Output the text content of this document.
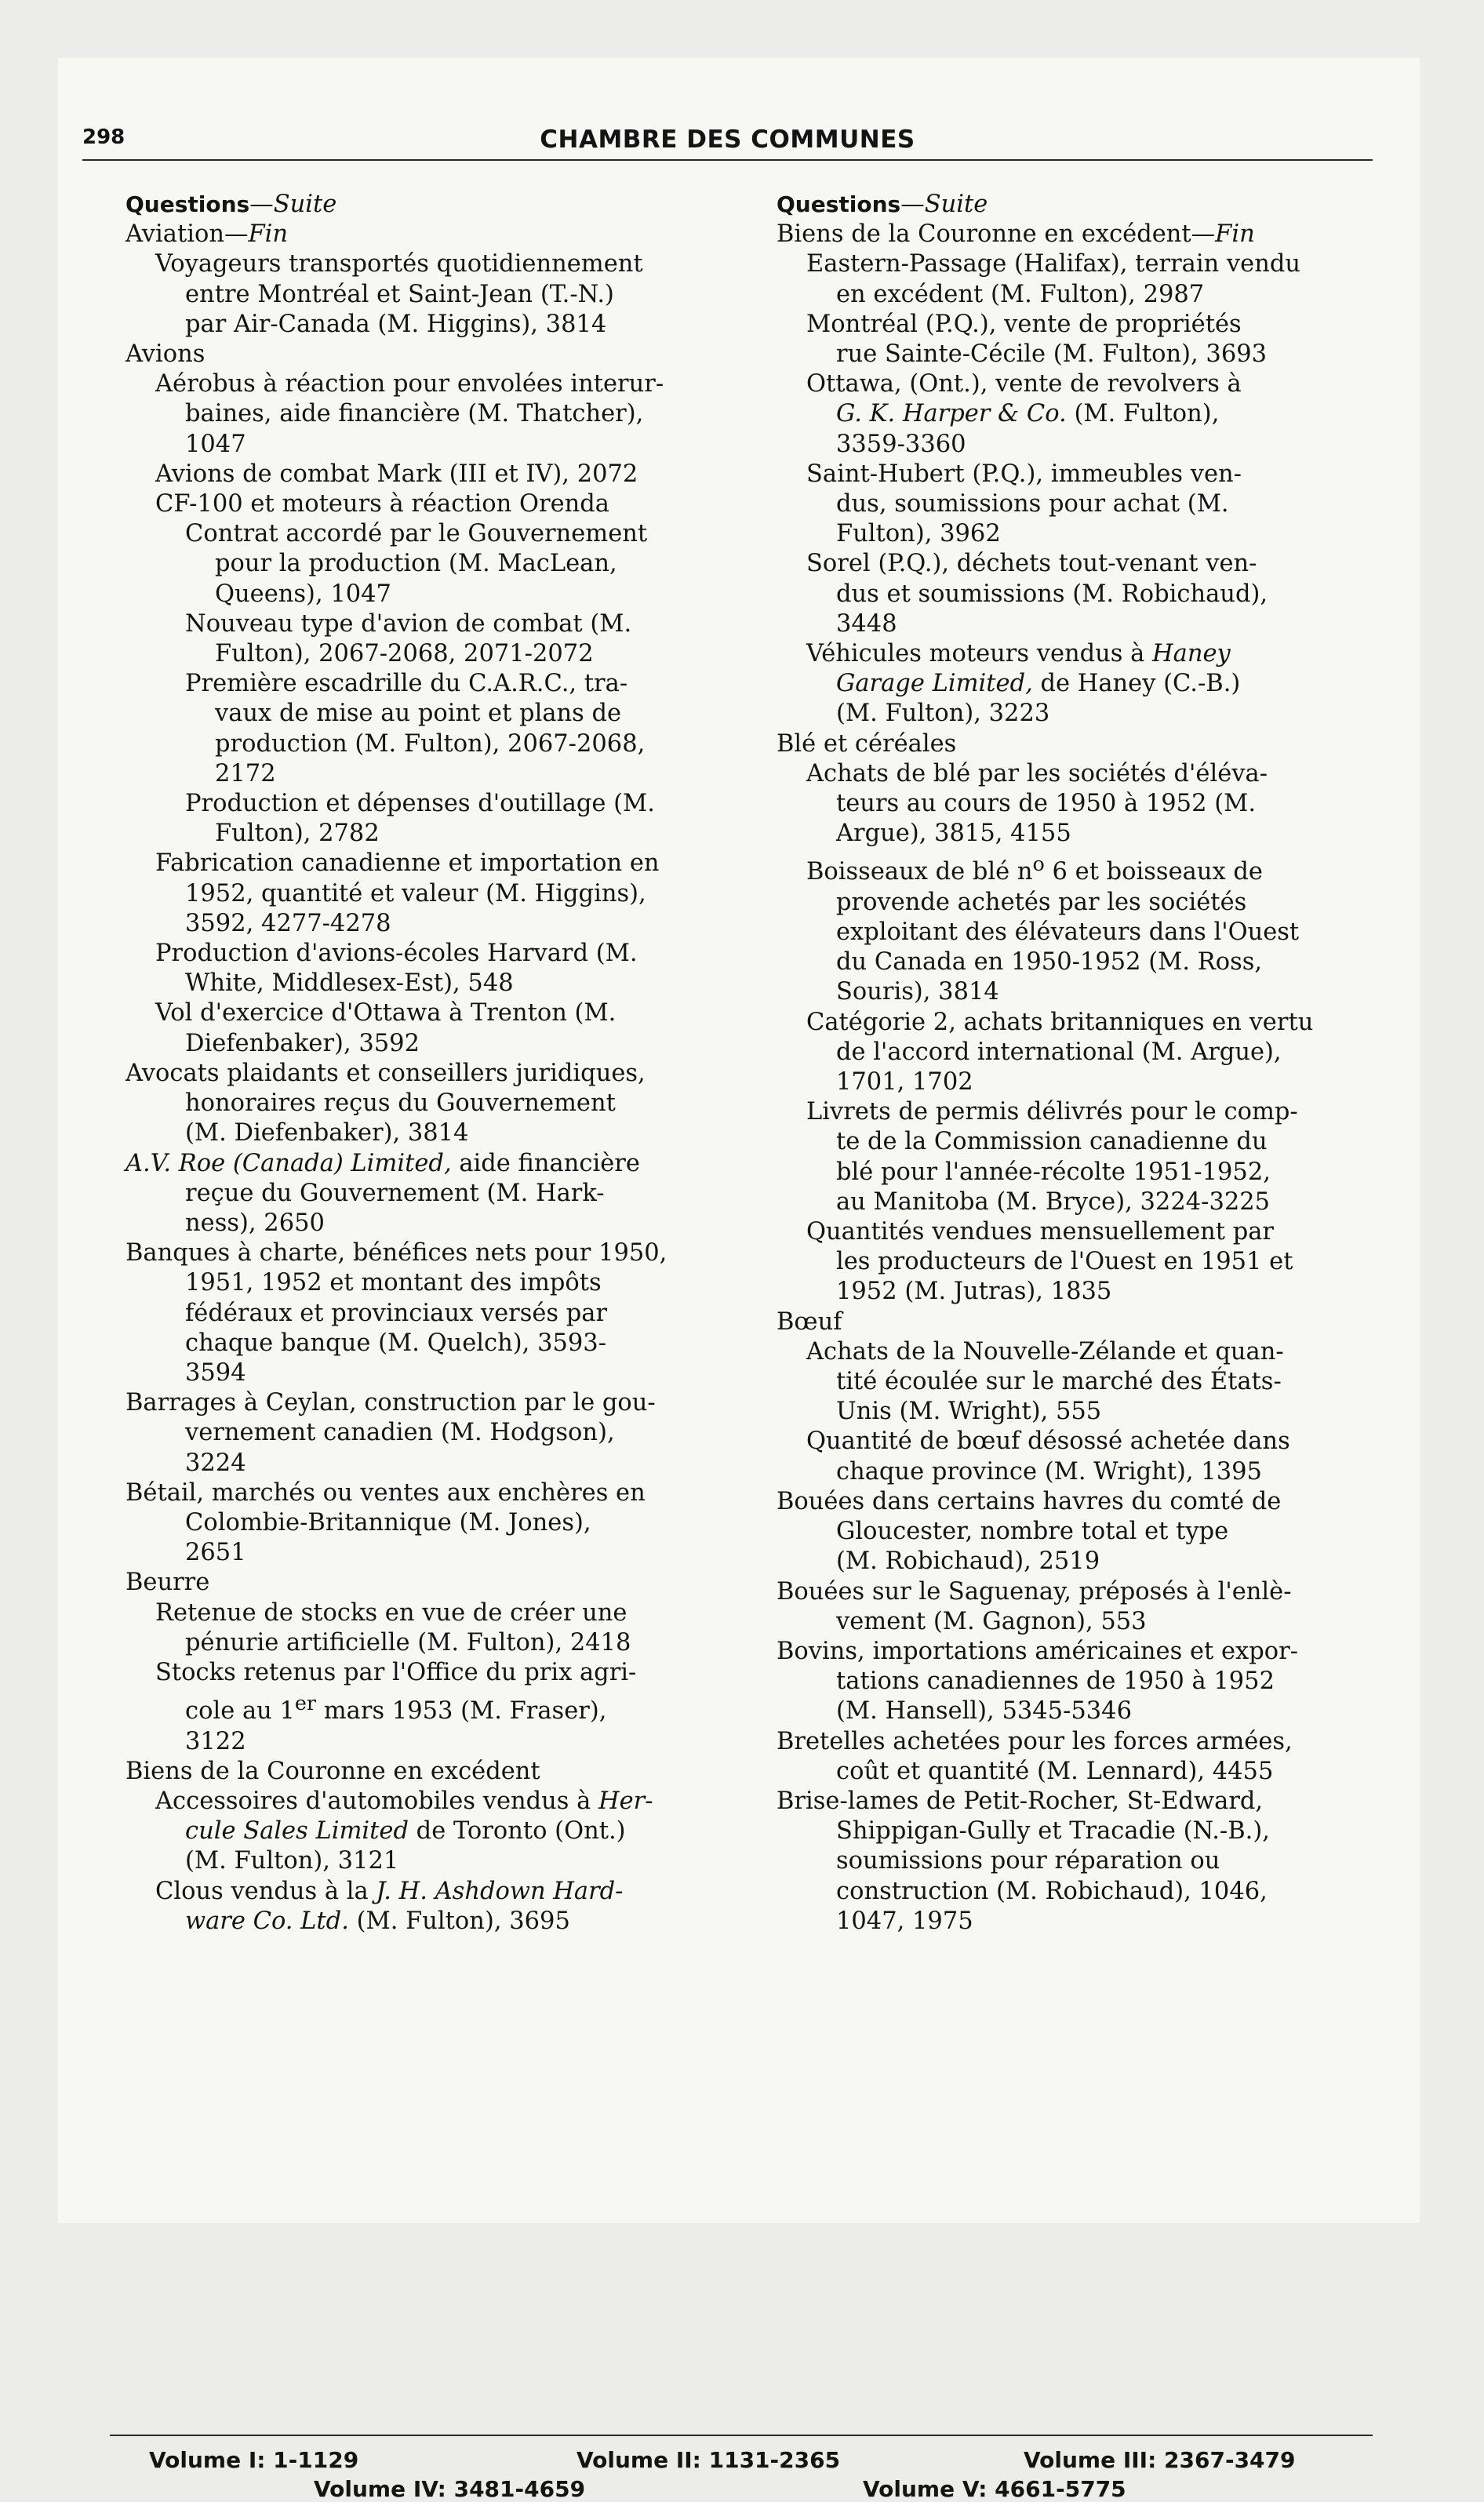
298	CHAMBRE DES COMMUNES
Questions—Suite
Aviation—Fin
Voyageurs transportés quotidiennement
entre Montréal et Saint-Jean (T.-N.)
par Air-Canada (M. Higgins), 3814
Avions
Aérobus à réaction pour envolées interur-
baines, aide financière (M. Thatcher),
1047
Avions de combat Mark (III et IV), 2072
CF-100 et moteurs à réaction Orenda
Contrat accordé par le Gouvernement
pour la production (M. MacLean,
Queens), 1047
Nouveau type d'avion de combat (M.
Fulton), 2067-2068, 2071-2072
Première escadrille du C.A.R.C., tra-
vaux de mise au point et plans de
production (M. Fulton), 2067-2068,
2172
Production et dépenses d'outillage (M.
Fulton), 2782
Fabrication canadienne et importation en
1952, quantité et valeur (M. Higgins),
3592, 4277-4278
Production d'avions-écoles Harvard (M.
White, Middlesex-Est), 548
Vol d'exercice d'Ottawa à Trenton (M.
Diefenbaker), 3592
Avocats plaidants et conseillers juridiques,
honoraires reçus du Gouvernement
(M. Diefenbaker), 3814
A.V. Roe (Canada) Limited, aide financière
reçue du Gouvernement (M. Hark-
ness), 2650
Banques à charte, bénéfices nets pour 1950,
1951, 1952 et montant des impôts
fédéraux et provinciaux versés par
chaque banque (M. Quelch), 3593-
3594
Barrages à Ceylan, construction par le gou-
vernement canadien (M. Hodgson),
3224
Bétail, marchés ou ventes aux enchères en
Colombie-Britannique (M. Jones),
2651
Beurre
Retenue de stocks en vue de créer une
pénurie artificielle (M. Fulton), 2418
Stocks retenus par l'Office du prix agri-
cole au 1er mars 1953 (M. Fraser),
3122
Biens de la Couronne en excédent
Accessoires d'automobiles vendus à Her-
cule Sales Limited de Toronto (Ont.)
(M. Fulton), 3121
Clous vendus à la J. H. Ashdown Hard-
ware Co. Ltd. (M. Fulton), 3695
Questions—Suite
Biens de la Couronne en excédent—Fin
Eastern-Passage (Halifax), terrain vendu
en excédent (M. Fulton), 2987
Montréal (P.Q.), vente de propriétés
rue Sainte-Cécile (M. Fulton), 3693
Ottawa, (Ont.), vente de revolvers à
G. K. Harper & Co. (M. Fulton),
3359-3360
Saint-Hubert (P.Q.), immeubles ven-
dus, soumissions pour achat (M.
Fulton), 3962
Sorel (P.Q.), déchets tout-venant ven-
dus et soumissions (M. Robichaud),
3448
Véhicules moteurs vendus à Haney
Garage Limited, de Haney (C.-B.)
(M. Fulton), 3223
Blé et céréales
Achats de blé par les sociétés d'éléva-
teurs au cours de 1950 à 1952 (M.
Argue), 3815, 4155
Boisseaux de blé $n^o$ 6 et boisseaux de
provende achetés par les sociétés
exploitant des élévateurs dans l'Ouest
du Canada en 1950-1952 (M. Ross,
Souris), 3814
Catégorie 2, achats britanniques en vertu
de l'accord international (M. Argue),
1701, 1702
Livrets de permis délivrés pour le comp-
te de la Commission canadienne du
blé pour l'année-récolte 1951-1952,
au Manitoba (M. Bryce), 3224-3225
Quantités vendues mensuellement par
les producteurs de l'Ouest en 1951 et
1952 (M. Jutras), 1835
Bœuf
Achats de la Nouvelle-Zélande et quan-
tité écoulée sur le marché des États-
Unis (M. Wright), 555
Quantité de bœuf désossé achetée dans
chaque province (M. Wright), 1395
Bouées dans certains havres du comté de
Gloucester, nombre total et type
(M. Robichaud), 2519
Bouées sur le Saguenay, préposés à l'enlè-
vement (M. Gagnon), 553
Bovins, importations américaines et expor-
tations canadiennes de 1950 à 1952
(M. Hansell), 5345-5346
Bretelles achetées pour les forces armées,
coût et quantité (M. Lennard), 4455
Brise-lames de Petit-Rocher, St-Edward,
Shippigan-Gully et Tracadie (N.-B.),
soumissions pour réparation ou
construction (M. Robichaud), 1046,
1047, 1975
Volume I: 1-1129	Volume II: 1131-2365	Volume III: 2367-3479
Volume IV: 3481-4659	Volume V: 4661-5775
